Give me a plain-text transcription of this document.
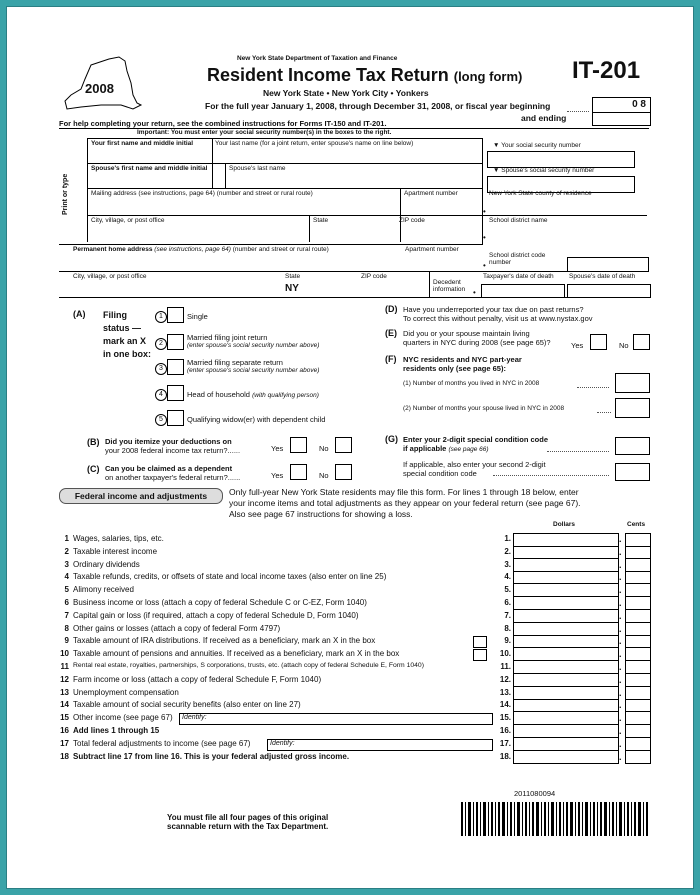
2008
New York State Department of Taxation and Finance
Resident Income Tax Return (long form) IT-201
New York State • New York City • Yonkers
For the full year January 1, 2008, through December 31, 2008, or fiscal year beginning	0 8
and ending
For help completing your return, see the combined instructions for Forms IT-150 and IT-201.
Print or type
Important: You must enter your social security number(s) in the boxes to the right.
Your first name and middle initial	Your last name (for a joint return, enter spouse's name on line below)	▼ Your social security number
Spouse's first name and middle initial	Spouse's last name	▼ Spouse's social security number
Mailing address (see instructions, page 64) (number and street or rural route)	Apartment number	New York State county of residence
•
City, village, or post office	State	ZIP code	School district name
•
Permanent home address (see instructions, page 64) (number and street or rural route)	Apartment number
School district code number
•
City, village, or post office	State
NY
ZIP code
Decedent information •
Taxpayer's date of death Spouse's date of death
(A) Filing status — mark an X in one box:
1	Single
2
Married filing joint return
(enter spouse's social security number above)
3
Married filing separate return
(enter spouse's social security number above)
4	Head of household (with qualifying person)
5	Qualifying widow(er) with dependent child
(B) Did you itemize your deductions on
your 2008 federal income tax return?......	Yes	No
(C) Can you be claimed as a dependent
on another taxpayer's federal return?......	Yes	No
(D) Have you underreported your tax due on past returns?
To correct this without penalty, visit us at www.nystax.gov
(E) Did you or your spouse maintain living
quarters in NYC during 2008 (see page 65)?	Yes	No
(F) NYC residents and NYC part-year
residents only (see page 65):
(1) Number of months you lived in NYC in 2008
(2) Number of months your spouse lived in NYC in 2008
(G) Enter your 2-digit special condition code
if applicable (see page 66)
If applicable, also enter your second 2-digit
special condition code
Federal income and adjustments	Only full-year New York State residents may file this form. For lines 1 through 18 below, enter
your income items and total adjustments as they appear on your federal return (see page 67).
Also see page 67 instructions for showing a loss.
Dollars	Cents
1 Wages, salaries, tips, etc.	1.	.
2 Taxable interest income	2.	.
3 Ordinary dividends	3.	.
4 Taxable refunds, credits, or offsets of state and local income taxes (also enter on line 25)	4.	.
5 Alimony received	5.	.
6 Business income or loss (attach a copy of federal Schedule C or C-EZ, Form 1040)	6.	.
7 Capital gain or loss (if required, attach a copy of federal Schedule D, Form 1040)	7.	.
8 Other gains or losses (attach a copy of federal Form 4797)	8.	.
9 Taxable amount of IRA distributions. If received as a beneficiary, mark an X in the box	9.	.
10 Taxable amount of pensions and annuities. If received as a beneficiary, mark an X in the box	10.	.
11 Rental real estate, royalties, partnerships, S corporations, trusts, etc. (attach copy of federal Schedule E, Form 1040)	11.	.
12 Farm income or loss (attach a copy of federal Schedule F, Form 1040)	12.	.
13 Unemployment compensation	13.	.
14 Taxable amount of social security benefits (also enter on line 27)	14.	.
15 Other income (see page 67)	15.	.
Identify:
16 Add lines 1 through 15	16.	.
17 Total federal adjustments to income (see page 67)	17.	.
Identify:
18 Subtract line 17 from line 16. This is your federal adjusted gross income.	18.	.
You must file all four pages of this original
scannable return with the Tax Department.
2011080094
